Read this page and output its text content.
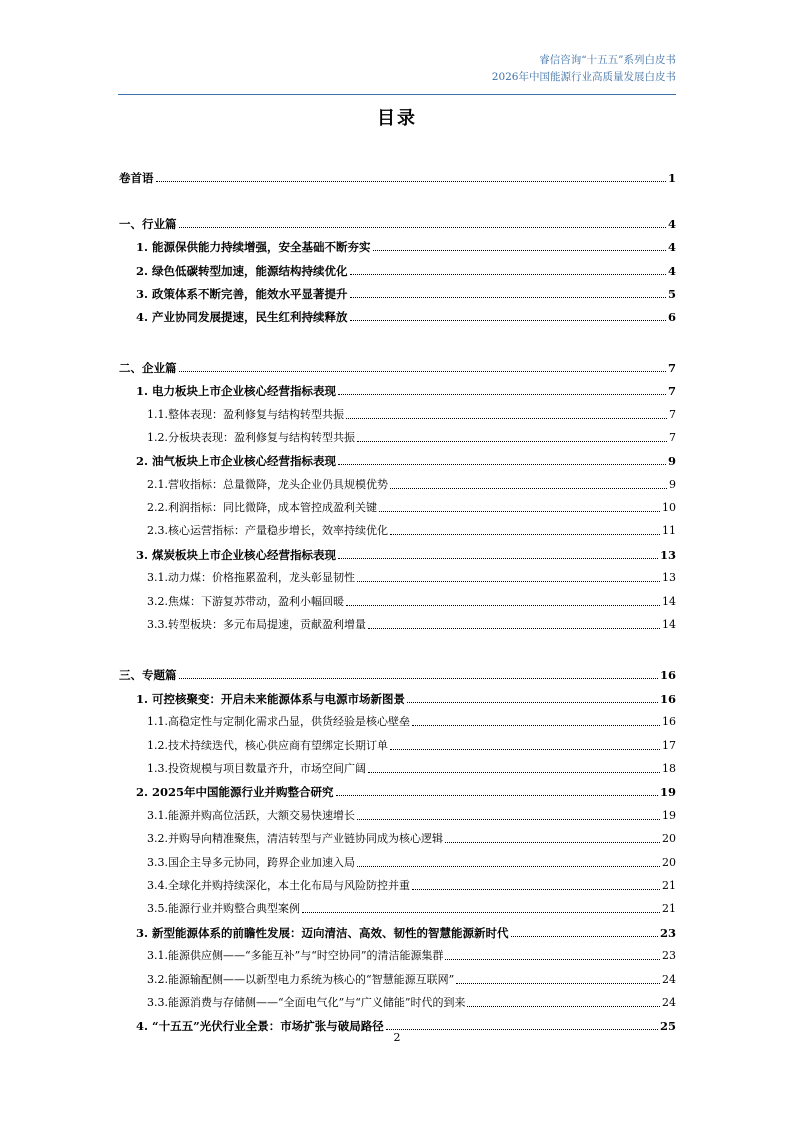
睿信咨询“十五五”系列白皮书
2026年中国能源行业高质量发展白皮书
目录
卷首语	1
一、行业篇	4
1. 能源保供能力持续增强，安全基础不断夯实	4
2. 绿色低碳转型加速，能源结构持续优化	4
3. 政策体系不断完善，能效水平显著提升	5
4. 产业协同发展提速，民生红利持续释放	6
二、企业篇	7
1. 电力板块上市企业核心经营指标表现	7
1.1.整体表现：盈利修复与结构转型共振	7
1.2.分板块表现：盈利修复与结构转型共振	7
2. 油气板块上市企业核心经营指标表现	9
2.1.营收指标：总量微降，龙头企业仍具规模优势	9
2.2.利润指标：同比微降，成本管控成盈利关键	10
2.3.核心运营指标：产量稳步增长，效率持续优化	11
3. 煤炭板块上市企业核心经营指标表现	13
3.1.动力煤：价格拖累盈利，龙头彰显韧性	13
3.2.焦煤：下游复苏带动，盈利小幅回暖	14
3.3.转型板块：多元布局提速，贡献盈利增量	14
三、专题篇	16
1. 可控核聚变：开启未来能源体系与电源市场新图景	16
1.1.高稳定性与定制化需求凸显，供货经验是核心壁垒	16
1.2.技术持续迭代，核心供应商有望绑定长期订单	17
1.3.投资规模与项目数量齐升，市场空间广阔	18
2. 2025年中国能源行业并购整合研究	19
3.1.能源并购高位活跃，大额交易快速增长	19
3.2.并购导向精准聚焦，清洁转型与产业链协同成为核心逻辑	20
3.3.国企主导多元协同，跨界企业加速入局	20
3.4.全球化并购持续深化，本土化布局与风险防控并重	21
3.5.能源行业并购整合典型案例	21
3. 新型能源体系的前瞻性发展：迈向清洁、高效、韧性的智慧能源新时代	23
3.1.能源供应侧——“多能互补”与“时空协同”的清洁能源集群	23
3.2.能源输配侧——以新型电力系统为核心的“智慧能源互联网”	24
3.3.能源消费与存储侧——“全面电气化”与“广义储能”时代的到来	24
4. “十五五”光伏行业全景：市场扩张与破局路径	25
2
